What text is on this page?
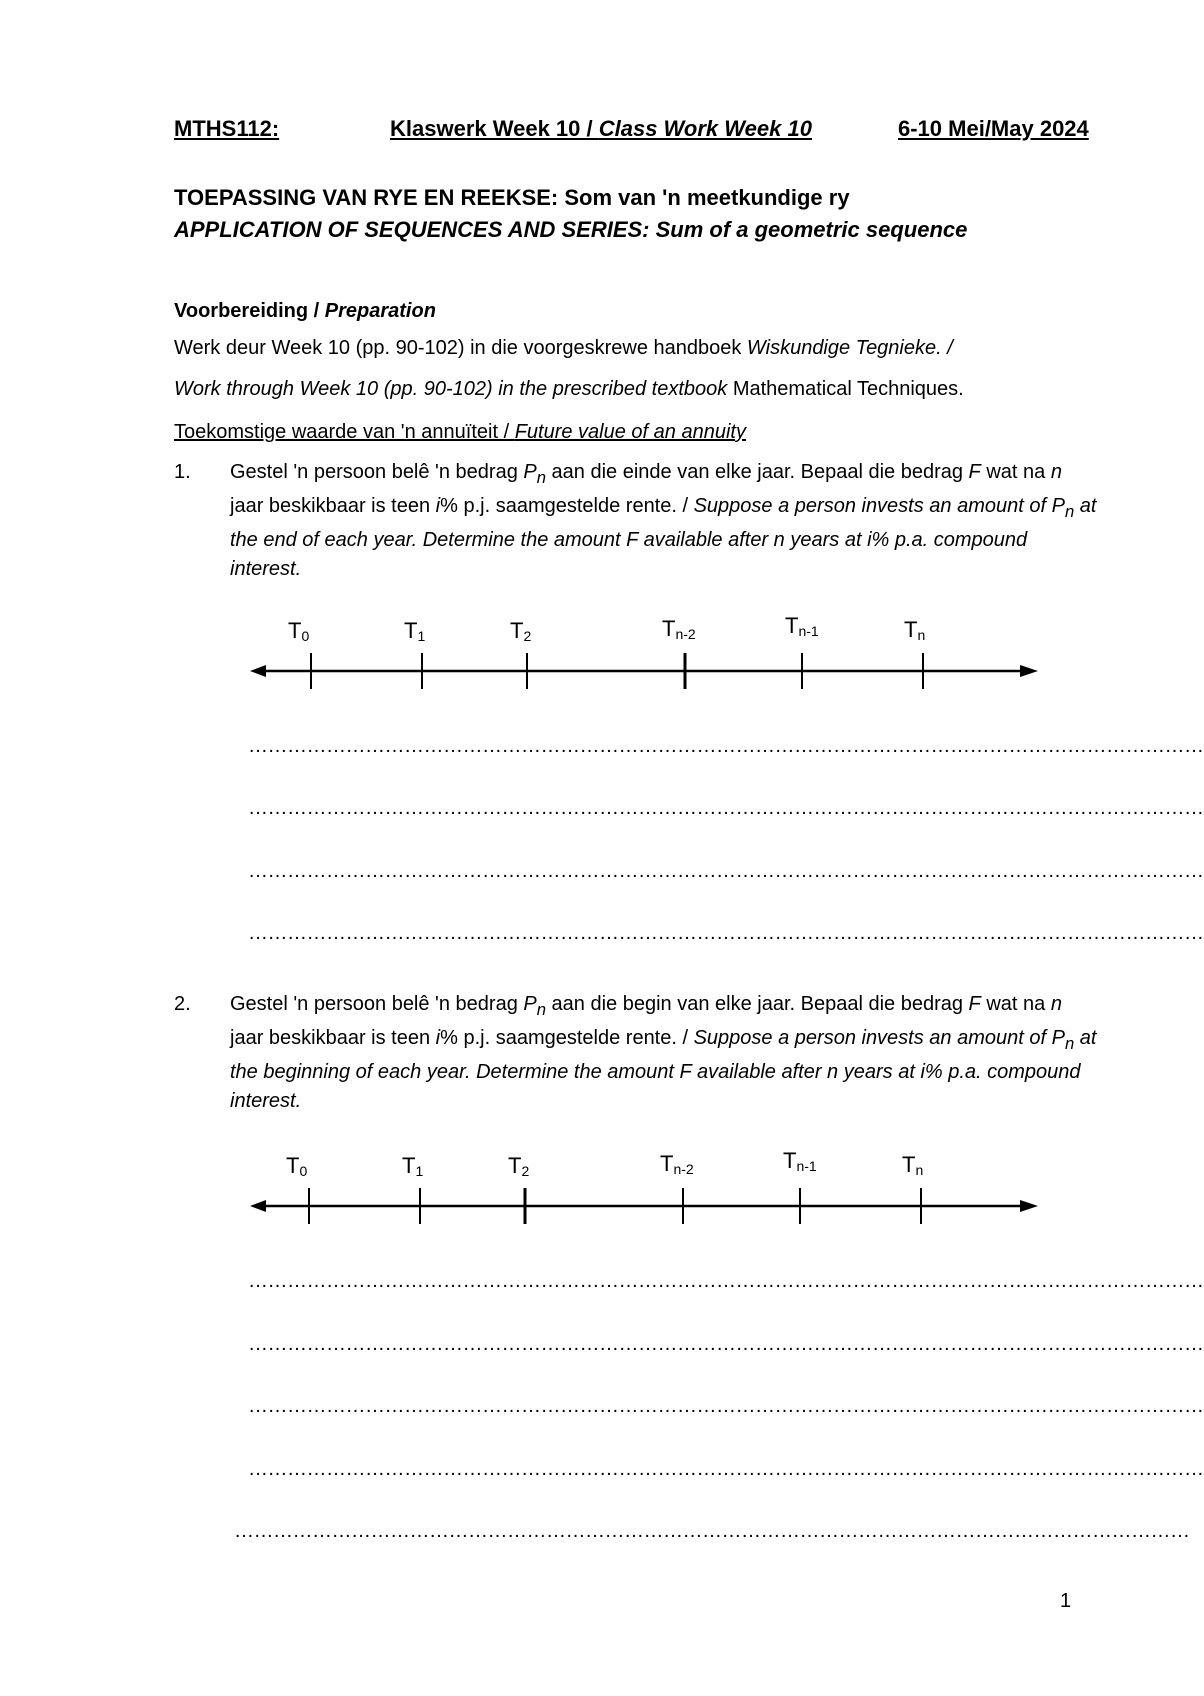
MTHS112:	Klaswerk Week 10 / Class Work Week 10	6-10 Mei/May 2024
TOEPASSING VAN RYE EN REEKSE: Som van 'n meetkundige ry
APPLICATION OF SEQUENCES AND SERIES: Sum of a geometric sequence
Voorbereiding / Preparation
Werk deur Week 10 (pp. 90-102) in die voorgeskrewe handboek Wiskundige Tegnieke. /
Work through Week 10 (pp. 90-102) in the prescribed textbook Mathematical Techniques.
Toekomstige waarde van 'n annuïteit / Future value of an annuity
1. Gestel 'n persoon belê 'n bedrag $P_n$ aan die einde van elke jaar. Bepaal die bedrag F wat na n jaar beskikbaar is teen i% p.j. saamgestelde rente. / Suppose a person invests an amount of $P_n$ at the end of each year. Determine the amount F available after n years at i% p.a. compound interest.
$T_0$	$T_1$	$T_2$	$T_{n-2}$	$T_{n-1}$	$T_n$
…………………………………………………………………………………………………………………………………
…………………………………………………………………………………………………………………………………
…………………………………………………………………………………………………………………………………
…………………………………………………………………………………………………………………………………
2. Gestel 'n persoon belê 'n bedrag $P_n$ aan die begin van elke jaar. Bepaal die bedrag F wat na n jaar beskikbaar is teen i% p.j. saamgestelde rente. / Suppose a person invests an amount of $P_n$ at the beginning of each year. Determine the amount F available after n years at i% p.a. compound interest.
$T_0$	$T_1$	$T_2$	$T_{n-2}$	$T_{n-1}$	$T_n$
…………………………………………………………………………………………………………………………………
…………………………………………………………………………………………………………………………………
…………………………………………………………………………………………………………………………………
…………………………………………………………………………………………………………………………………
…………………………………………………………………………………………………………………………………
1
